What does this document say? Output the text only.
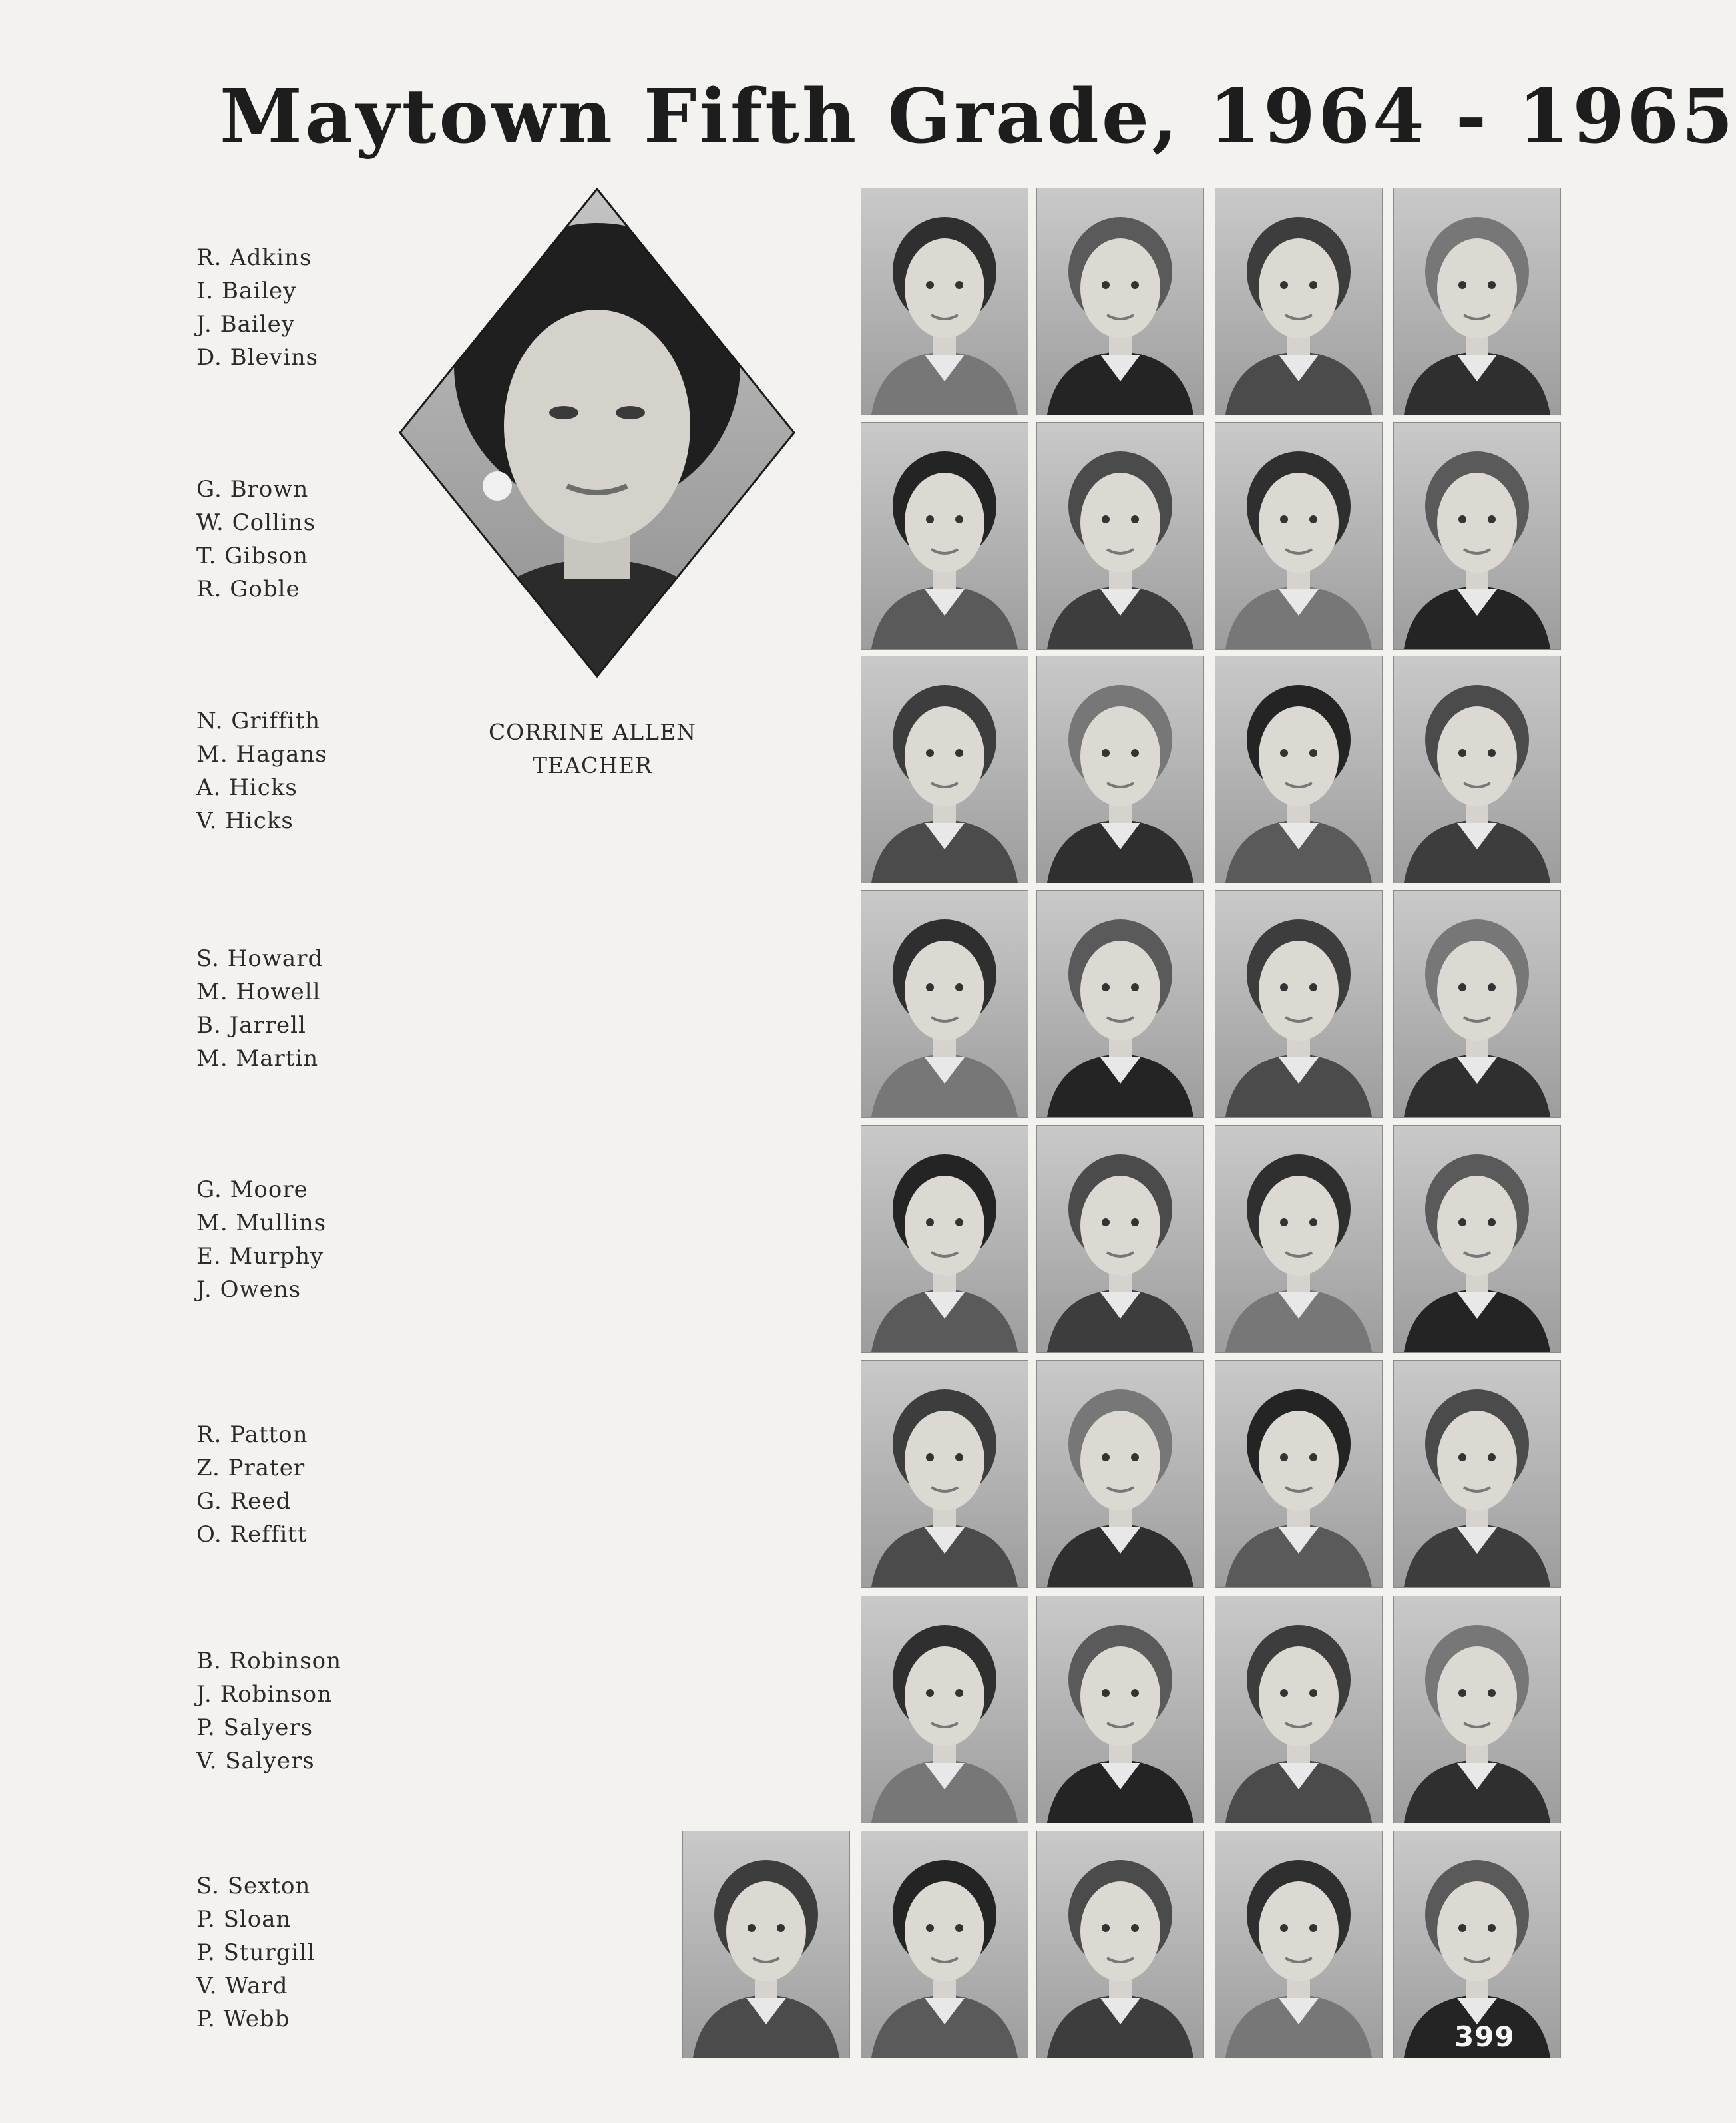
Maytown Fifth Grade, 1964 - 1965
R. Adkins
I. Bailey
J. Bailey
D. Blevins
G. Brown
W. Collins
T. Gibson
R. Goble
N. Griffith
M. Hagans
A. Hicks
V. Hicks
S. Howard
M. Howell
B. Jarrell
M. Martin
G. Moore
M. Mullins
E. Murphy
J. Owens
R. Patton
Z. Prater
G. Reed
O. Reffitt
B. Robinson
J. Robinson
P. Salyers
V. Salyers
S. Sexton
P. Sloan
P. Sturgill
V. Ward
P. Webb
CORRINE ALLEN
TEACHER
399
